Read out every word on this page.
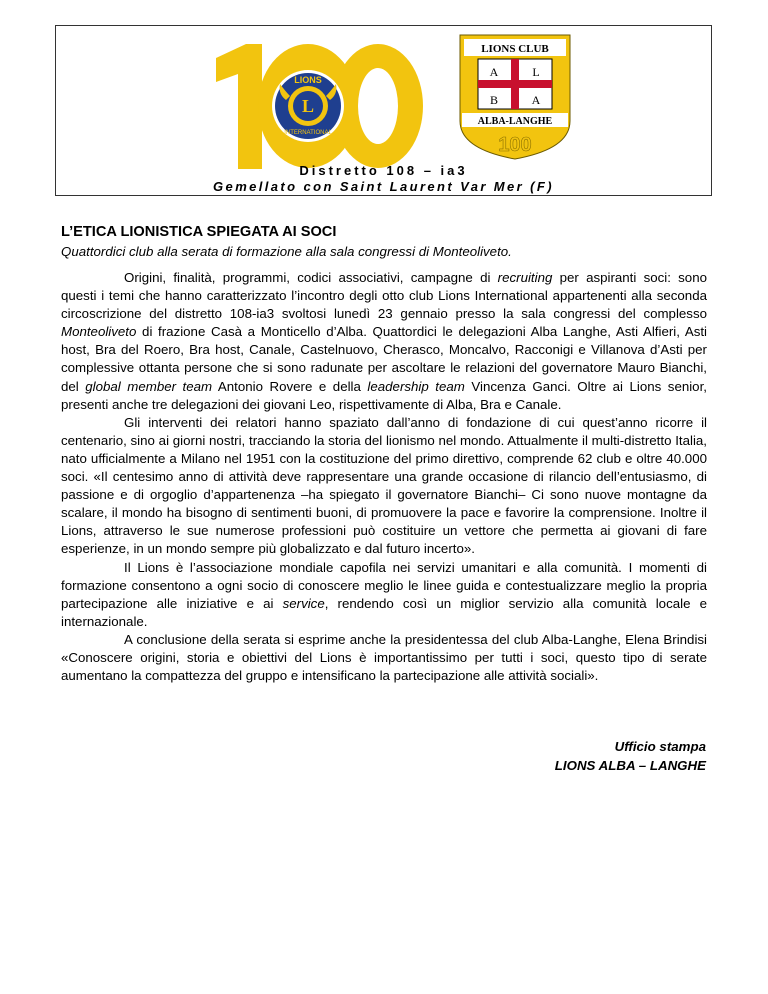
LIONS
L
INTERNATIONAL
LIONS CLUB
A	L
B	A
ALBA-LANGHE
100
Distretto 108 – ia3
Gemellato con Saint Laurent Var Mer (F)
L’ETICA LIONISTICA SPIEGATA AI SOCI
Quattordici club alla serata di formazione alla sala congressi di Monteoliveto.

Origini, finalità, programmi, codici associativi, campagne di recruiting per aspiranti soci: sono questi i temi che hanno caratterizzato l’incontro degli otto club Lions International appartenenti alla seconda circoscrizione del distretto 108-ia3 svoltosi lunedì 23 gennaio presso la sala congressi del complesso Monteoliveto di frazione Casà a Monticello d’Alba. Quattordici le delegazioni Alba Langhe, Asti Alfieri, Asti host, Bra del Roero, Bra host, Canale, Castelnuovo, Cherasco, Moncalvo, Racconigi e Villanova d’Asti per complessive ottanta persone che si sono radunate per ascoltare le relazioni del governatore Mauro Bianchi, del global member team Antonio Rovere e della leadership team Vincenza Ganci. Oltre ai Lions senior, presenti anche tre delegazioni dei giovani Leo, rispettivamente di Alba, Bra e Canale.

Gli interventi dei relatori hanno spaziato dall’anno di fondazione di cui quest’anno ricorre il centenario, sino ai giorni nostri, tracciando la storia del lionismo nel mondo. Attualmente il multi-distretto Italia, nato ufficialmente a Milano nel 1951 con la costituzione del primo direttivo, comprende 62 club e oltre 40.000 soci. «Il centesimo anno di attività deve rappresentare una grande occasione di rilancio dell’entusiasmo, di passione e di orgoglio d’appartenenza –ha spiegato il governatore Bianchi– Ci sono nuove montagne da scalare, il mondo ha bisogno di sentimenti buoni, di promuovere la pace e favorire la comprensione. Inoltre il Lions, attraverso le sue numerose professioni può costituire un vettore che permetta ai giovani di fare esperienze, in un mondo sempre più globalizzato e dal futuro incerto».

Il Lions è l’associazione mondiale capofila nei servizi umanitari e alla comunità. I momenti di formazione consentono a ogni socio di conoscere meglio le linee guida e contestualizzare meglio la propria partecipazione alle iniziative e ai service, rendendo così un miglior servizio alla comunità locale e internazionale.

A conclusione della serata si esprime anche la presidentessa del club Alba-Langhe, Elena Brindisi «Conoscere origini, storia e obiettivi del Lions è importantissimo per tutti i soci, questo tipo di serate aumentano la compattezza del gruppo e intensificano la partecipazione alle attività sociali».

Ufficio stampa
LIONS ALBA – LANGHE
